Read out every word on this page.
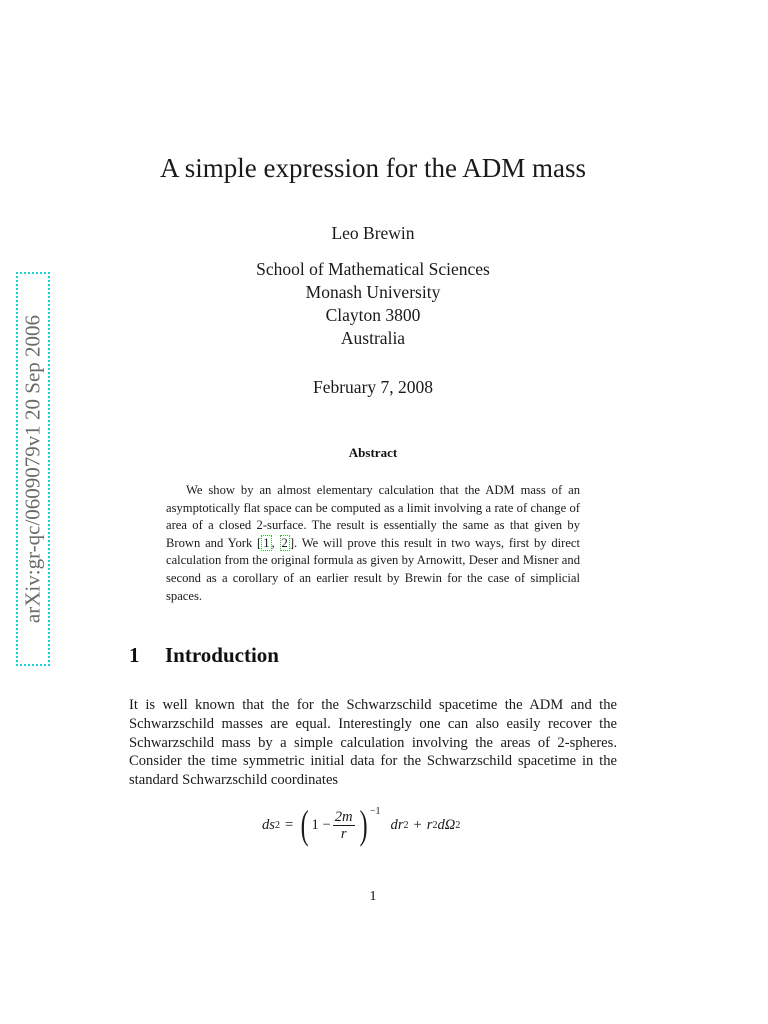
arXiv:gr-qc/0609079v1 20 Sep 2006
A simple expression for the ADM mass
Leo Brewin
School of Mathematical Sciences
Monash University
Clayton 3800
Australia
February 7, 2008
Abstract
We show by an almost elementary calculation that the ADM mass of an asymptotically flat space can be computed as a limit involving a rate of change of area of a closed 2-surface. The result is essentially the same as that given by Brown and York [ 1 , 2 ]. We will prove this result in two ways, first by direct calculation from the original formula as given by Arnowitt, Deser and Misner and second as a corollary of an earlier result by Brewin for the case of simplicial spaces.
1 Introduction
It is well known that the for the Schwarzschild spacetime the ADM and the Schwarzschild masses are equal. Interestingly one can also easily recover the Schwarzschild mass by a simple calculation involving the areas of 2-spheres. Consider the time symmetric initial data for the Schwarzschild spacetime in the standard Schwarzschild coordinates
ds 2 = ( $1 - \frac{2m}{r}$ ) −1
dr 2 + r 2 dΩ 2
1
